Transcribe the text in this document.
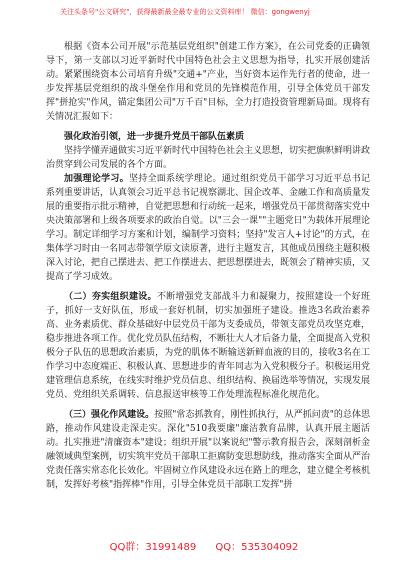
关注头条号"公文研究"，获得最新最全最专业的公文资料库！ 微信：gongwenyj

根据《资本公司开展"示范基层党组织"创建工作方案》，在公司党委的正确领导下，第一支部以习近平新时代中国特色社会主义思想为指导，扎实开展创建活动。紧紧围绕资本公司培育升级"交通+"产业，当好资本运作先行者的使命，进一步发挥基层党组织的战斗堡垒作用和党员的先锋模范作用，引导全体党员干部发挥"拼抢实"作风，锚定集团公司"万千百"目标，全力打造投资管理新局面。现将有关情况汇报如下：

强化政治引领，进一步提升党员干部队伍素质

坚持学懂弄通做实习近平新时代中国特色社会主义思想，切实把旗帜鲜明讲政治贯穿到公司发展的各个方面。

加强理论学习。坚持全面系统学理论。通过组织党员干部学习习近平总书记系列重要讲话，认真领会习近平总书记视察湖北、国企改革、金融工作和高质量发展的重要指示批示精神，自觉把思想和行动统一起来，增强党员干部贯彻落实党中央决策部署和上级各项要求的政治自觉。以"三会一课""主题党日"为载体开展理论学习。制定详细学习方案和计划，编制学习资料；坚持"发言人+讨论"的方式，在集体学习时由一名同志带领学原文读原著，进行主题发言，其他成员围绕主题积极深入讨论，把自己摆进去、把工作摆进去、把思想摆进去，既领会了精神实质，又提高了学习成效。

（二）夯实组织建设。不断增强党支部战斗力和凝聚力，按照建设一个好班子，抓好一支好队伍，形成一套好机制，切实加强班子建设。推选3名政治素养高、业务素质优、群众基础好中层党员干部为支委成员，带领支部党员攻坚克难，稳步推进各项工作。优化党员队伍结构，不断壮大人才后备力量，全面提高入党积极分子队伍的思想政治素质，为党的肌体不断输送新鲜血液的目的，接收3名在工作学习中态度端正、积极认真、思想进步的青年同志为入党积极分子。积极运用党建管理信息系统，在线实时维护党员信息、组织结构、换届选举等情况，实现发展党员、党组织关系调转、信息报送审核等工作处理流程标准化规范化。

（三）强化作风建设。按照"常态抓教育，刚性抓执行，从严抓问责"的总体思路，推动作风建设走深走实。深化"510我要廉"廉洁教育品牌，认真开展主题活动。扎实推进"清廉资本"建设；组织开展"以案说纪"警示教育报告会，深刻剖析金融领域典型案例，切实筑牢党员干部职工拒腐防变思想防线，推动落实全面从严治党责任落实常态化长效化。牢固树立作风建设永远在路上的理念，建立健全考核机制，发挥好考核"指挥棒"作用，引导全体党员干部职工发挥"拼

QQ群：31991489 QQ：535304092
